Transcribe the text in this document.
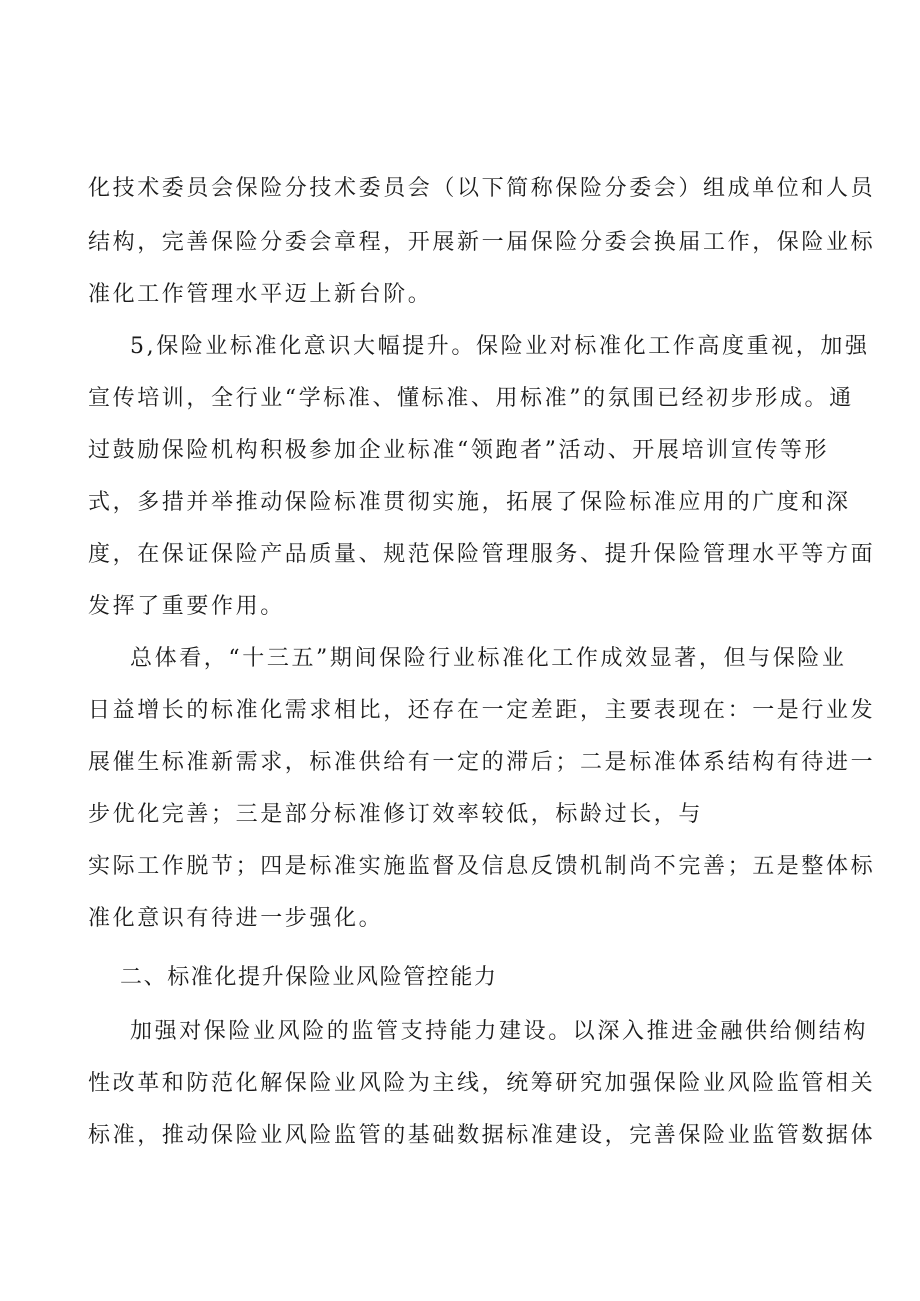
化技术委员会保险分技术委员会（以下简称保险分委会）组成单位和人员
结构，完善保险分委会章程，开展新一届保险分委会换届工作，保险业标
准化工作管理水平迈上新台阶。
5,保险业标准化意识大幅提升。保险业对标准化工作高度重视，加强
宣传培训，全行业“学标准、懂标准、用标准”的氛围已经初步形成。通
过鼓励保险机构积极参加企业标准“领跑者”活动、开展培训宣传等形
式，多措并举推动保险标准贯彻实施，拓展了保险标准应用的广度和深
度，在保证保险产品质量、规范保险管理服务、提升保险管理水平等方面
发挥了重要作用。
总体看，“十三五”期间保险行业标准化工作成效显著，但与保险业
日益增长的标准化需求相比，还存在一定差距，主要表现在：一是行业发
展催生标准新需求，标准供给有一定的滞后；二是标准体系结构有待进一
步优化完善；三是部分标准修订效率较低，标龄过长，与
实际工作脱节；四是标准实施监督及信息反馈机制尚不完善；五是整体标
准化意识有待进一步强化。
二、标准化提升保险业风险管控能力
加强对保险业风险的监管支持能力建设。以深入推进金融供给侧结构
性改革和防范化解保险业风险为主线，统筹研究加强保险业风险监管相关
标准，推动保险业风险监管的基础数据标准建设，完善保险业监管数据体
